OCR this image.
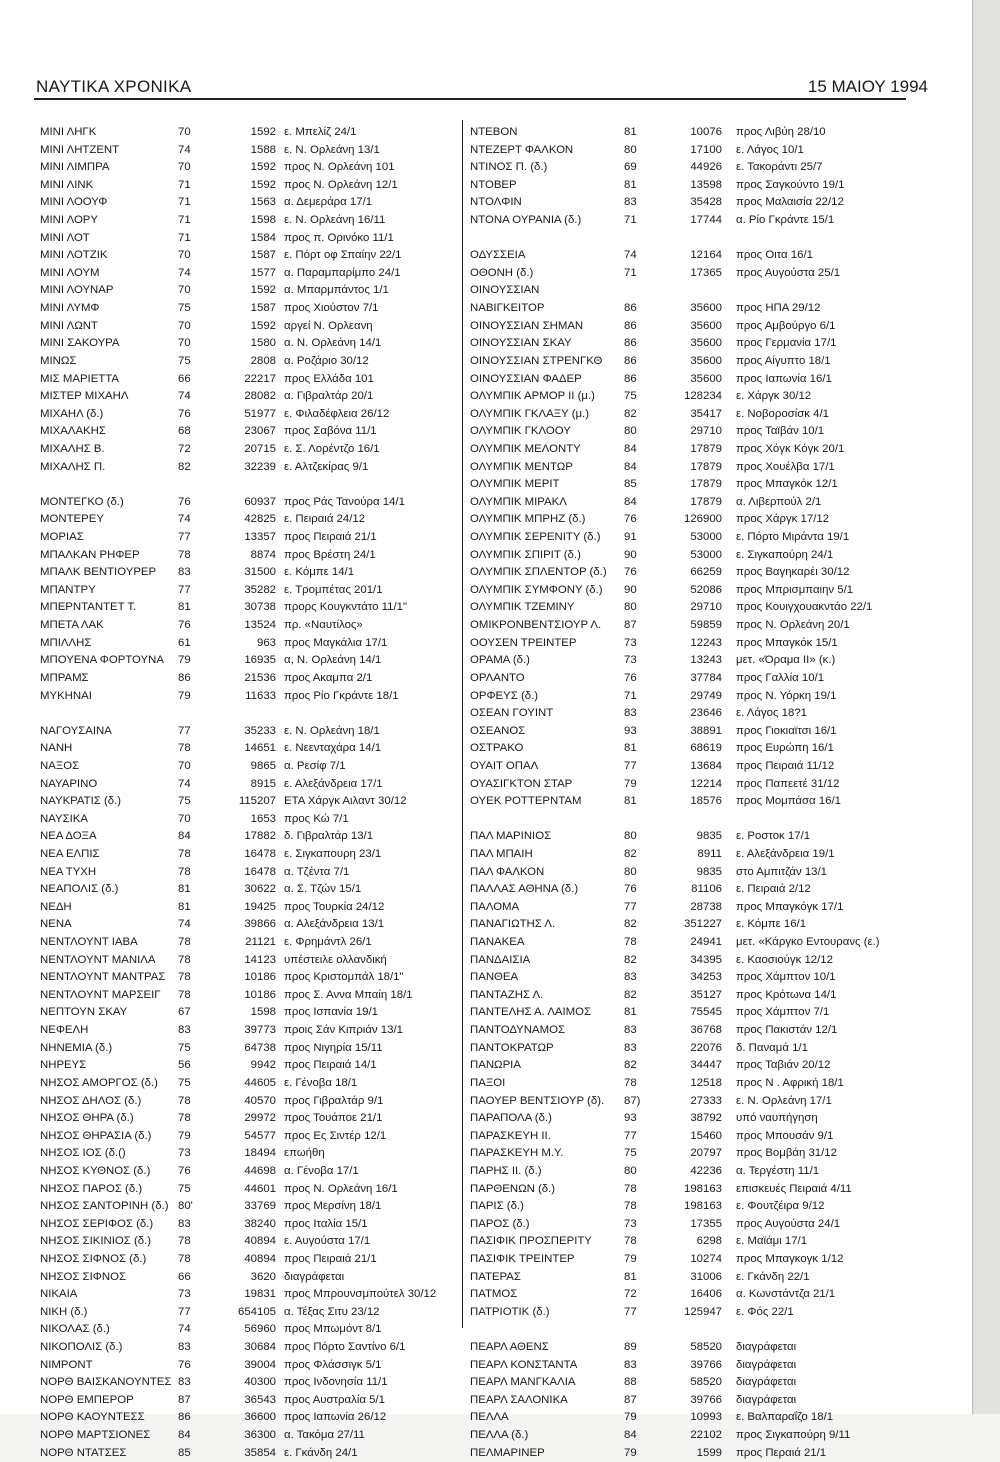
ΝΑΥΤΙΚΑ ΧΡΟΝΙΚΑ	15 ΜΑΙΟΥ 1994
ΜΙΝΙ ΛΗΓΚ	70	1592 ε. Μπελίζ 24/1
ΜΙΝΙ ΛΗΤΖΕΝΤ	74	1588 ε. Ν. Ορλεάνη 13/1
ΜΙΝΙ ΛΙΜΠΡΑ	70	1592 προς Ν. Ορλεάνη 101
ΜΙΝΙ ΛΙΝΚ	71	1592 προς Ν. Ορλεάνη 12/1
ΜΙΝΙ ΛΟΟΥΦ	71	1563 α. Δεμεράρα 17/1
ΜΙΝΙ ΛΟΡΥ	71	1598 ε. Ν. Ορλεάνη 16/11
ΜΙΝΙ ΛΟΤ	71	1584 προς π. Ορινόκο 11/1
ΜΙΝΙ ΛΟΤΖΙΚ	70	1587 ε. Πόρτ οφ Σπαίην 22/1
ΜΙΝΙ ΛΟΥΜ	74	1577 α. Παραμπαρίμπο 24/1
ΜΙΝΙ ΛΟΥΝΑΡ	70	1592 α. Μπαρμπάντος 1/1
ΜΙΝΙ ΛΥΜΦ	75	1587 προς Χιούστον 7/1
ΜΙΝΙ ΛΩΝΤ	70	1592 αργεί Ν. Ορλεανη
ΜΙΝΙ ΣΑΚΟΥΡΑ	70	1580 α. Ν. Ορλεάνη 14/1
ΜΙΝΩΣ	75	2808 α. Ροζάριο 30/12
ΜΙΣ ΜΑΡΙΕΤΤΑ	66	22217 προς Ελλάδα 101
ΜΙΣΤΕΡ ΜΙΧΑΗΛ	74	28082 α. Γιβραλτάρ 20/1
ΜΙΧΑΗΛ (δ.)	76	51977 ε. Φιλαδέφλεια 26/12
ΜΙΧΑΛΑΚΗΣ	68	23067 προς Σαβόνα 11/1
ΜΙΧΑΛΗΣ Β.	72	20715 ε. Σ. Λορέντζο 16/1
ΜΙΧΑΛΗΣ Π.	82	32239 ε. Αλτζεκίρας 9/1
ΜΟΝΤΕΓΚΟ (δ.)	76	60937 προς Ράς Τανούρα 14/1
ΜΟΝΤΕΡΕΥ	74	42825 ε. Πειραιά 24/12
ΜΟΡΙΑΣ	77	13357 προς Πειραιά 21/1
ΜΠΑΛΚΑΝ ΡΗΦΕΡ	78	8874 προς Βρέστη 24/1
ΜΠΑΛΚ ΒΕΝΤΙΟΥΡΕΡ 83	31500 ε. Κόμπε 14/1
ΜΠΑΝΤΡΥ	77	35282 ε. Τρομπέτας 201/1
ΜΠΕΡΝΤΑΝΤΕΤ Τ.	81	30738 προρς Κουγκντάτο 11/1"
ΜΠΕΤΑ ΛΑΚ	76	13524 πρ. «Ναυτίλος»
ΜΠΙΛΛΗΣ	61	963 προς Μαγκάλια 17/1
ΜΠΟΥΕΝΑ ΦΟΡΤΟΥΝΑ 79	16935 α, Ν. Ορλεάνη 14/1
ΜΠΡΑΜΣ	86	21536 προς Ακαμπα 2/1
ΜΥΚΗΝΑΙ	79	11633 προς Ρίο Γκράντε 18/1
ΝΑΓΟΥΣΑΙΝΑ	77	35233 ε. Ν. Ορλεάνη 18/1
ΝΑΝΗ	78	14651 ε. Νεενταχάρα 14/1
ΝΑΞΟΣ	70	9865 α. Ρεσίφ 7/1
ΝΑΥΑΡΙΝΟ	74	8915 ε. Αλεξάνδρεια 17/1
ΝΑΥΚΡΑΤΙΣ (δ.)	75	115207 ΕΤΑ Χάργκ Αιλαντ 30/12
ΝΑΥΣΙΚΑ	70	1653 προς Κώ 7/1
ΝΕΑ ΔΟΞΑ	84	17882 δ. Γιβραλτάρ 13/1
ΝΕΑ ΕΛΠΙΣ	78	16478 ε. Σιγκαπουρη 23/1
ΝΕΑ ΤΥΧΗ	78	16478 α. Τζέντα 7/1
ΝΕΑΠΟΛΙΣ (δ.)	81	30622 α. Σ. Τζών 15/1
ΝΕΔΗ	81	19425 προς Τουρκία 24/12
ΝΕΝΑ	74	39866 α. Αλεξάνδρεια 13/1
ΝΕΝΤΛΟΥΝΤ ΙΑΒΑ	78	21121 ε. Φρημάντλ 26/1
ΝΕΝΤΛΟΥΝΤ ΜΑΝΙΛΑ 78	14123 υπέστειλε ολλανδική
ΝΕΝΤΛΟΥΝΤ ΜΑΝΤΡΑΣ 78	10186 προς Κριστομπάλ 18/1"
ΝΕΝΤΛΟΥΝΤ ΜΑΡΣΕΙΓ 78	10186 προς Σ. Αννα Μπαίη 18/1
ΝΕΠΤΟΥΝ ΣΚΑΥ	67	1598 προς Ισπανία 19/1
ΝΕΦΕΛΗ	83	39773 προις Σάν Κιπριάν 13/1
ΝΗΝΕΜΙΑ (δ.)	75	64738 προς Νιγηρία 15/11
ΝΗΡΕΥΣ	56	9942 προς Πειραιά 14/1
ΝΗΣΟΣ ΑΜΟΡΓΟΣ (δ.) 75	44605 ε. Γένοβα 18/1
ΝΗΣΟΣ ΔΗΛΟΣ (δ.)	78	40570 προς Γιβραλτάρ 9/1
ΝΗΣΟΣ ΘΗΡΑ (δ.)	78	29972 προς Τουάποε 21/1
ΝΗΣΟΣ ΘΗΡΑΣΙΑ (δ.) 79	54577 προς Ες Σιντέρ 12/1
ΝΗΣΟΣ ΙΟΣ (δ.()	73	18494 επωήθη
ΝΗΣΟΣ ΚΥΘΝΟΣ (δ.) 76	44698 α. Γένοβα 17/1
ΝΗΣΟΣ ΠΑΡΟΣ (δ.)	75	44601 προς Ν. Ορλεάνη 16/1
ΝΗΣΟΣ ΣΑΝΤΟΡΙΝΗ (δ.) 80'	33769 προς Μερσίνη 18/1
ΝΗΣΟΣ ΣΕΡΙΦΟΣ (δ.) 83	38240 προς Ιταλία 15/1
ΝΗΣΟΣ ΣΙΚΙΝΙΟΣ (δ.) 78	40894 ε. Αυγούστα 17/1
ΝΗΣΟΣ ΣΙΦΝΟΣ (δ.)	78	40894 προς Πειραιά 21/1
ΝΗΣΟΣ ΣΙΦΝΟΣ	66	3620 διαγράφεται
ΝΙΚΑΙΑ	73	19831 προς Μπρουνσμπούτελ 30/12
ΝΙΚΗ (δ.)	77	654105 α. Τέξας Σιτυ 23/12
ΝΙΚΟΛΑΣ (δ.)	74	56960 προς Μπωμόντ 8/1
ΝΙΚΟΠΟΛΙΣ (δ.)	83	30684 προς Πόρτο Σαντίνο 6/1
ΝΙΜΡΟΝΤ	76	39004 προς Φλάσσιγκ 5/1
ΝΟΡΘ ΒΑΙΣΚΑΝΟΥΝΤΕΣ 83	40300 προς Ινδονησία 11/1
ΝΟΡΘ ΕΜΠΕΡΟΡ	87	36543 προς Αυστραλία 5/1
ΝΟΡΘ ΚΑΟΥΝΤΕΣΣ	86	36600 προς Ιαπωνία 26/12
ΝΟΡΘ ΜΑΡΤΣΙΟΝΕΣ 84	36300 α. Τακόμα 27/11
ΝΟΡΘ ΝΤΑΤΣΕΣ	85	35854 ε. Γκάνδη 24/1
ΝΤΕΒΟΝ	81	10076 προς Λιβύη 28/10
ΝΤΕΖΕΡΤ ΦΑΛΚΟΝ	80	17100 ε. Λάγος 10/1
ΝΤΙΝΟΣ Π. (δ.)	69	44926 ε. Τακοράντι 25/7
ΝΤΟΒΕΡ	81	13598 προς Σαγκούντο 19/1
ΝΤΟΛΦΙΝ	83	35428 προς Μαλαισία 22/12
ΝΤΟΝΑ ΟΥΡΑΝΙΑ (δ.)	71	17744 α. Ρίο Γκράντε 15/1
ΟΔΥΣΣΕΙΑ	74	12164 προς Οιτα 16/1
ΟΘΟΝΗ (δ.)	71	17365 προς Αυγούστα 25/1
ΟΙΝΟΥΣΣΙΑΝ
ΝΑΒΙΓΚΕΙΤΟΡ	86	35600 προς ΗΠΑ 29/12
ΟΙΝΟΥΣΣΙΑΝ ΣΗΜΑΝ	86	35600 προς Αμβούργο 6/1
ΟΙΝΟΥΣΣΙΑΝ ΣΚΑΥ	86	35600 προς Γερμανία 17/1
ΟΙΝΟΥΣΣΙΑΝ ΣΤΡΕΝΓΚΘ 86	35600 προς Αίγυπτο 18/1
ΟΙΝΟΥΣΣΙΑΝ ΦΑΔΕΡ	86	35600 προς Ιαπωνία 16/1
ΟΛΥΜΠΙΚ ΑΡΜΟΡ ΙΙ (μ.)	75	128234 ε. Χάργκ 30/12
ΟΛΥΜΠΙΚ ΓΚΛΑΞΥ (μ.)	82	35417 ε. Νοβοροσίσκ 4/1
ΟΛΥΜΠΙΚ ΓΚΛΟΟΥ	80	29710 προς Ταϊβάν 10/1
ΟΛΥΜΠΙΚ ΜΕΛΟΝΤΥ	84	17879 προς Χόγκ Κόγκ 20/1
ΟΛΥΜΠΙΚ ΜΕΝΤΩΡ	84	17879 προς Χουέλβα 17/1
ΟΛΥΜΠΙΚ ΜΕΡΙΤ	85	17879 προς Μπαγκόκ 12/1
ΟΛΥΜΠΙΚ ΜΙΡΑΚΛ	84	17879 α. Λιβερπούλ 2/1
ΟΛΥΜΠΙΚ ΜΠΡΗΖ (δ.)	76	126900 προς Χάργκ 17/12
ΟΛΥΜΠΙΚ ΣΕΡΕΝΙΤΥ (δ.) 91	53000 ε. Πόρτο Μιράντα 19/1
ΟΛΥΜΠΙΚ ΣΠΙΡΙΤ (δ.)	90	53000 ε. Σιγκαπούρη 24/1
ΟΛΥΜΠΙΚ ΣΠΛΕΝΤΟΡ (δ.) 76	66259 προς Βαγηκαρέι 30/12
ΟΛΥΜΠΙΚ ΣΥΜΦΟΝΥ (δ.) 90	52086 προς Μπρισμπαιην 5/1
ΟΛΥΜΠΙΚ ΤΖΕΜΙΝΥ	80	29710 προς Κουιγχουακντάο 22/1
ΟΜΙΚΡΟΝΒΕΝΤΣΙΟΥΡ Λ. 87	59859 προς Ν. Ορλεάνη 20/1
ΟΟΥΣΕΝ ΤΡΕΙΝΤΕΡ	73	12243 προς Μπαγκόκ 15/1
ΟΡΑΜΑ (δ.)	73	13243 μετ. «Όραμα ΙΙ» (κ.)
ΟΡΛΑΝΤΟ	76	37784 προς Γαλλία 10/1
ΟΡΦΕΥΣ (δ.)	71	29749 προς Ν. Υόρκη 19/1
ΟΣΕΑΝ ΓΟΥΙΝΤ	83	23646 ε. Λάγος 18?1
ΟΣΕΑΝΟΣ	93	38891 προς Γιοκιαϊτσι 16/1
ΟΣΤΡΑΚΟ	81	68619 προς Ευρώπη 16/1
ΟΥΑΙΤ ΟΠΑΛ	77	13684 προς Πειραιά 11/12
ΟΥΑΣΙΓΚΤΟΝ ΣΤΑΡ	79	12214 προς Παπεετέ 31/12
ΟΥΕΚ ΡΟΤΤΕΡΝΤΑΜ	81	18576 προς Μομπάσα 16/1
ΠΑΛ ΜΑΡΙΝΙΟΣ	80	9835 ε. Ροστοκ 17/1
ΠΑΛ ΜΠΑΙΗ	82	8911 ε. Αλεξάνδρεια 19/1
ΠΑΛ ΦΑΛΚΟΝ	80	9835 στο Αμπιτζάν 13/1
ΠΑΛΛΑΣ ΑΘΗΝΑ (δ.)	76	81106 ε. Πειραιά 2/12
ΠΑΛΟΜΑ	77	28738 προς Μπαγκόγκ 17/1
ΠΑΝΑΓΙΩΤΗΣ Λ.	82	351227 ε. Κόμπε 16/1
ΠΑΝΑΚΕΑ	78	24941 μετ. «Κάργκο Εντουρανς (ε.)
ΠΑΝΔΑΙΣΙΑ	82	34395 ε. Καοσιούγκ 12/12
ΠΑΝΘΕΑ	83	34253 προς Χάμπτον 10/1
ΠΑΝΤΑΖΗΣ Λ.	82	35127 προς Κρότωνα 14/1
ΠΑΝΤΕΛΗΣ Α. ΛΑΙΜΟΣ	81	75545 προς Χάμπτον 7/1
ΠΑΝΤΟΔΥΝΑΜΟΣ	83	36768 προς Πακιστάν 12/1
ΠΑΝΤΟΚΡΑΤΩΡ	83	22076 δ. Παναμά 1/1
ΠΑΝΩΡΙΑ	82	34447 προς Ταβιάν 20/12
ΠΑΞΟΙ	78	12518 προς Ν . Αφρική 18/1
ΠΑΟΥΕΡ ΒΕΝΤΣΙΟΥΡ (δ). 87)	27333 ε. Ν. Ορλεάνη 17/1
ΠΑΡΑΠΟΛΑ (δ.)	93	38792 υπό ναυπήγηση
ΠΑΡΑΣΚΕΥΗ ΙΙ.	77	15460 προς Μπουσάν 9/1
ΠΑΡΑΣΚΕΥΗ Μ.Υ.	75	20797 προς Βομβάη 31/12
ΠΑΡΗΣ ΙΙ. (δ.)	80	42236 α. Τεργέστη 11/1
ΠΑΡΘΕΝΩΝ (δ.)	78	198163 επισκευές Πειραιά 4/11
ΠΑΡΙΣ (δ.)	78	198163 ε. Φουτζέιρα 9/12
ΠΑΡΟΣ (δ.)	73	17355 προς Αυγούστα 24/1
ΠΑΣΙΦΙΚ ΠΡΟΣΠΕΡΙΤΥ	78	6298 ε. Μαϊάμι 17/1
ΠΑΣΙΦΙΚ ΤΡΕΙΝΤΕΡ	79	10274 προς Μπαγκογκ 1/12
ΠΑΤΕΡΑΣ	81	31006 ε. Γκάνδη 22/1
ΠΑΤΜΟΣ	72	16406 α. Κωνστάντζα 21/1
ΠΑΤΡΙΟΤΙΚ (δ.)	77	125947 ε. Φός 22/1
ΠΕΑΡΛ ΑΘΕΝΣ	89	58520 διαγράφεται
ΠΕΑΡΛ ΚΟΝΣΤΑΝΤΑ	83	39766 διαγράφεται
ΠΕΑΡΛ ΜΑΝΓΚΑΛΙΑ	88	58520 διαγράφεται
ΠΕΑΡΛ ΣΑΛΟΝΙΚΑ	87	39766 διαγράφεται
ΠΕΛΛΑ	79	10993 ε. Βαλπαραΐζο 18/1
ΠΕΛΛΑ (δ.)	84	22102 προς Σιγκαπούρη 9/11
ΠΕΛΜΑΡΙΝΕΡ	79	1599 προς Περαιά 21/1
